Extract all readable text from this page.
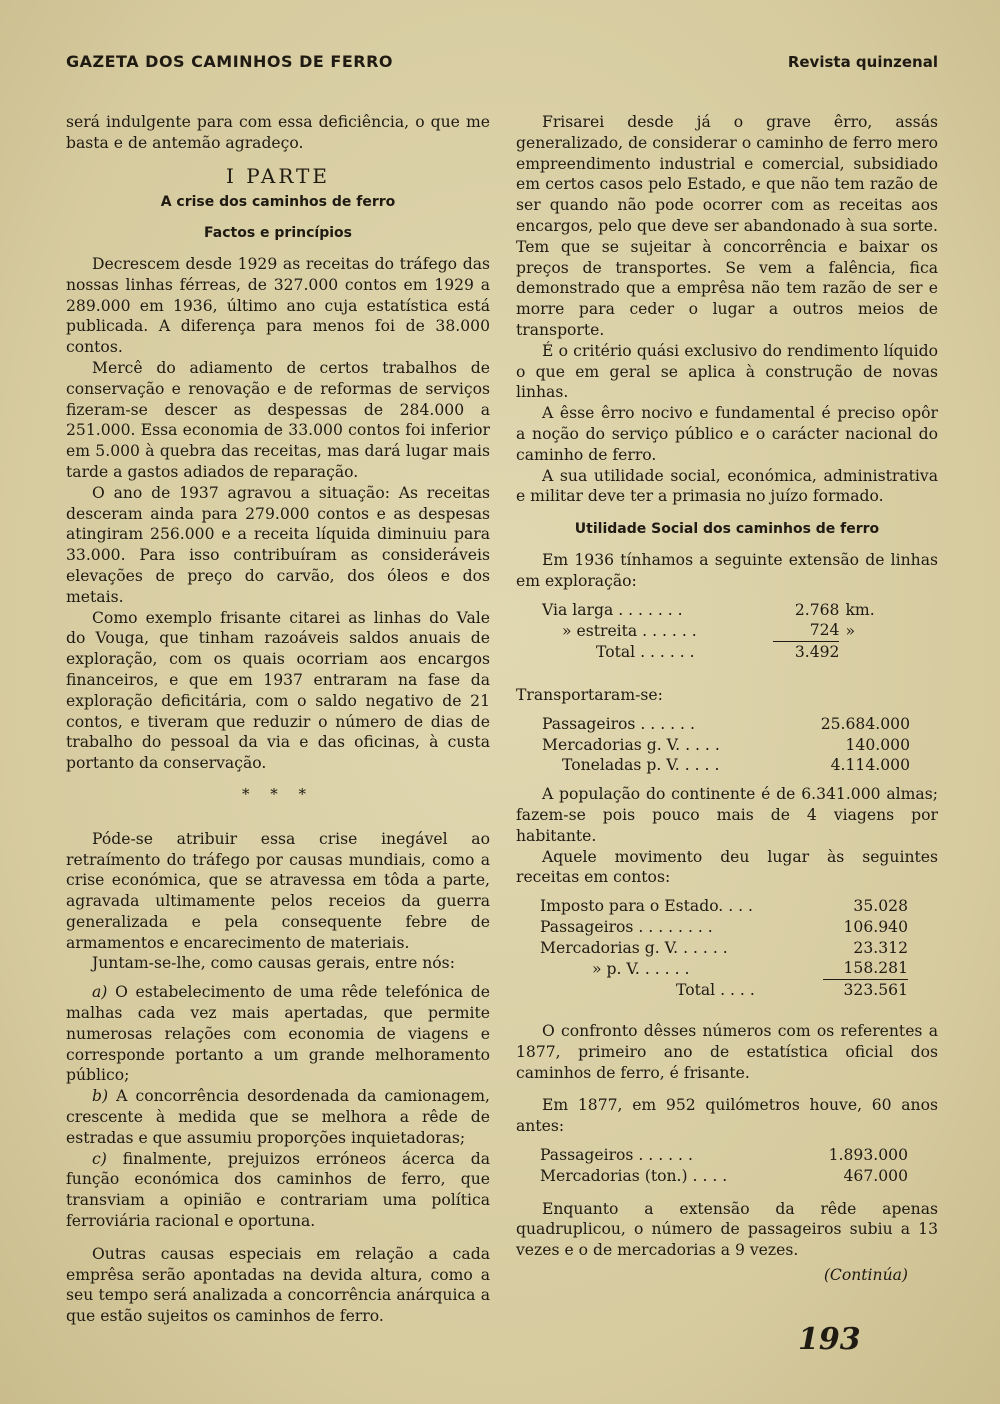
GAZETA DOS CAMINHOS DE FERRO	Revista quinzenal

será indulgente para com essa deficiência, o que me basta e de antemão agradeço.

I PARTE
A crise dos caminhos de ferro
Factos e princípios

Decrescem desde 1929 as receitas do tráfego das nossas linhas férreas, de 327.000 contos em 1929 a 289.000 em 1936, último ano cuja estatística está publicada. A diferença para menos foi de 38.000 contos.

Mercê do adiamento de certos trabalhos de conservação e renovação e de reformas de serviços fizeram-se descer as despessas de 284.000 a 251.000. Essa economia de 33.000 contos foi inferior em 5.000 à quebra das receitas, mas dará lugar mais tarde a gastos adiados de reparação.

O ano de 1937 agravou a situação: As receitas desceram ainda para 279.000 contos e as despesas atingiram 256.000 e a receita líquida diminuiu para 33.000. Para isso contribuíram as consideráveis elevações de preço do carvão, dos óleos e dos metais.

Como exemplo frisante citarei as linhas do Vale do Vouga, que tinham razoáveis saldos anuais de exploração, com os quais ocorriam aos encargos financeiros, e que em 1937 entraram na fase da exploração deficitária, com o saldo negativo de 21 contos, e tiveram que reduzir o número de dias de trabalho do pessoal da via e das oficinas, à custa portanto da conservação.

* * *

Póde-se atribuir essa crise inegável ao retraímento do tráfego por causas mundiais, como a crise económica, que se atravessa em tôda a parte, agravada ultimamente pelos receios da guerra generalizada e pela consequente febre de armamentos e encarecimento de materiais.

Juntam-se-lhe, como causas gerais, entre nós:

a) O estabelecimento de uma rêde telefónica de malhas cada vez mais apertadas, que permite numerosas relações com economia de viagens e corresponde portanto a um grande melhoramento público;

b) A concorrência desordenada da camionagem, crescente à medida que se melhora a rêde de estradas e que assumiu proporções inquietadoras;

c) finalmente, prejuizos erróneos ácerca da função económica dos caminhos de ferro, que transviam a opinião e contrariam uma política ferroviária racional e oportuna.

Outras causas especiais em relação a cada emprêsa serão apontadas na devida altura, como a seu tempo será analizada a concorrência anárquica a que estão sujeitos os caminhos de ferro.

Frisarei desde já o grave êrro, assás generalizado, de considerar o caminho de ferro mero empreendimento industrial e comercial, subsidiado em certos casos pelo Estado, e que não tem razão de ser quando não pode ocorrer com as receitas aos encargos, pelo que deve ser abandonado à sua sorte. Tem que se sujeitar à concorrência e baixar os preços de transportes. Se vem a falência, fica demonstrado que a emprêsa não tem razão de ser e morre para ceder o lugar a outros meios de transporte.

É o critério quási exclusivo do rendimento líquido o que em geral se aplica à construção de novas linhas.

A êsse êrro nocivo e fundamental é preciso opôr a noção do serviço público e o carácter nacional do caminho de ferro.

A sua utilidade social, económica, administrativa e militar deve ter a primasia no juízo formado.

Utilidade Social dos caminhos de ferro

Em 1936 tínhamos a seguinte extensão de linhas em exploração:

Via larga . . . . . . .	2.768	km.
» estreita . . . . . .	724	»
Total . . . . . .	3.492	

Transportaram-se:

Passageiros . . . . . .	25.684.000
Mercadorias g. V. . . . .	140.000
Toneladas p. V. . . . .	4.114.000

A população do continente é de 6.341.000 almas; fazem-se pois pouco mais de 4 viagens por habitante.

Aquele movimento deu lugar às seguintes receitas em contos:

Imposto para o Estado. . . .	35.028
Passageiros . . . . . . . .	106.940
Mercadorias g. V. . . . . .	23.312
» p. V. . . . . .	158.281
Total . . . .	323.561

O confronto dêsses números com os referentes a 1877, primeiro ano de estatística oficial dos caminhos de ferro, é frisante.

Em 1877, em 952 quilómetros houve, 60 anos antes:

Passageiros . . . . . .	1.893.000
Mercadorias (ton.) . . . .	467.000

Enquanto a extensão da rêde apenas quadruplicou, o número de passageiros subiu a 13 vezes e o de mercadorias a 9 vezes.

(Continúa)
193
